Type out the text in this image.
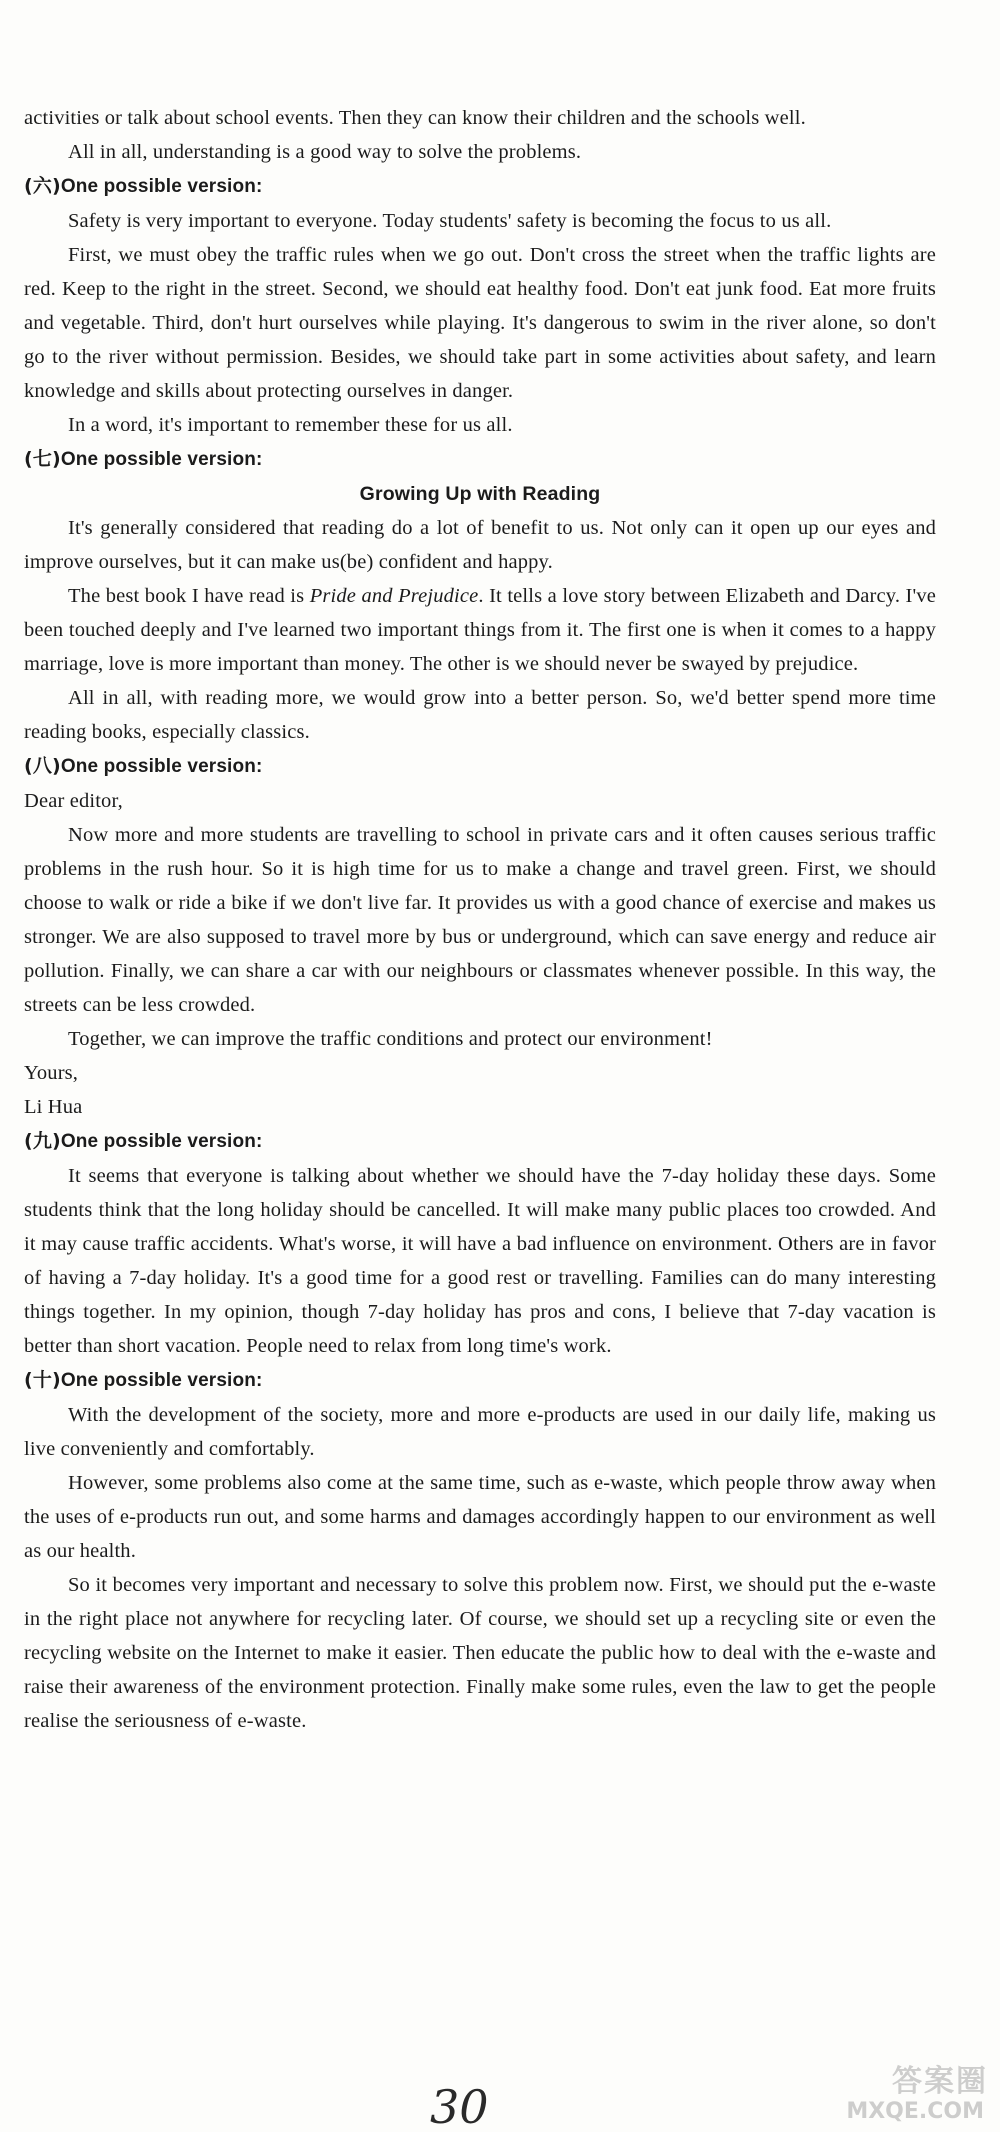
activities or talk about school events. Then they can know their children and the schools well.

All in all, understanding is a good way to solve the problems.

(六)One possible version:

Safety is very important to everyone. Today students' safety is becoming the focus to us all.

First, we must obey the traffic rules when we go out. Don't cross the street when the traffic lights are red. Keep to the right in the street. Second, we should eat healthy food. Don't eat junk food. Eat more fruits and vegetable. Third, don't hurt ourselves while playing. It's dangerous to swim in the river alone, so don't go to the river without permission. Besides, we should take part in some activities about safety, and learn knowledge and skills about protecting ourselves in danger.

In a word, it's important to remember these for us all.

(七)One possible version:
Growing Up with Reading

It's generally considered that reading do a lot of benefit to us. Not only can it open up our eyes and improve ourselves, but it can make us(be) confident and happy.

The best book I have read is Pride and Prejudice. It tells a love story between Elizabeth and Darcy. I've been touched deeply and I've learned two important things from it. The first one is when it comes to a happy marriage, love is more important than money. The other is we should never be swayed by prejudice.

All in all, with reading more, we would grow into a better person. So, we'd better spend more time reading books, especially classics.

(八)One possible version:

Dear editor,

Now more and more students are travelling to school in private cars and it often causes serious traffic problems in the rush hour. So it is high time for us to make a change and travel green. First, we should choose to walk or ride a bike if we don't live far. It provides us with a good chance of exercise and makes us stronger. We are also supposed to travel more by bus or underground, which can save energy and reduce air pollution. Finally, we can share a car with our neighbours or classmates whenever possible. In this way, the streets can be less crowded.

Together, we can improve the traffic conditions and protect our environment!

Yours,

Li Hua

(九)One possible version:

It seems that everyone is talking about whether we should have the 7-day holiday these days. Some students think that the long holiday should be cancelled. It will make many public places too crowded. And it may cause traffic accidents. What's worse, it will have a bad influence on environment. Others are in favor of having a 7-day holiday. It's a good time for a good rest or travelling. Families can do many interesting things together. In my opinion, though 7-day holiday has pros and cons, I believe that 7-day vacation is better than short vacation. People need to relax from long time's work.

(十)One possible version:

With the development of the society, more and more e-products are used in our daily life, making us live conveniently and comfortably.

However, some problems also come at the same time, such as e-waste, which people throw away when the uses of e-products run out, and some harms and damages accordingly happen to our environment as well as our health.

So it becomes very important and necessary to solve this problem now. First, we should put the e-waste in the right place not anywhere for recycling later. Of course, we should set up a recycling site or even the recycling website on the Internet to make it easier. Then educate the public how to deal with the e-waste and raise their awareness of the environment protection. Finally make some rules, even the law to get the people realise the seriousness of e-waste.

30	答案圈
MXQE.COM
